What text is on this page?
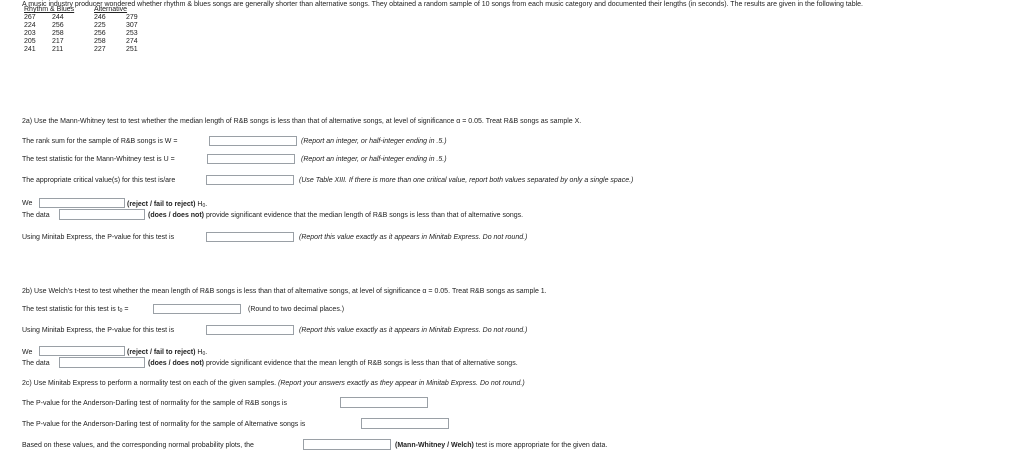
A music industry producer wondered whether rhythm & blues songs are generally shorter than alternative songs. They obtained a random sample of 10 songs from each music category and documented their lengths (in seconds). The results are given in the following table.
Rhythm & Blues		Alternative	
267	244	246	279
224	256	225	307
203	258	256	253
205	217	258	274
241	211	227	251
2a) Use the Mann-Whitney test to test whether the median length of R&B songs is less than that of alternative songs, at level of significance α = 0.05. Treat R&B songs as sample X.
The rank sum for the sample of R&B songs is W =	(Report an integer, or half-integer ending in .5.)
The test statistic for the Mann-Whitney test is U =	(Report an integer, or half-integer ending in .5.)
The appropriate critical value(s) for this test is/are	(Use Table XIII. If there is more than one critical value, report both values separated by only a single space.)
We	(reject / fail to reject) $H_0$.
The data	(does / does not) provide significant evidence that the median length of R&B songs is less than that of alternative songs.
Using Minitab Express, the P-value for this test is	(Report this value exactly as it appears in Minitab Express. Do not round.)
2b) Use Welch's t-test to test whether the mean length of R&B songs is less than that of alternative songs, at level of significance α = 0.05. Treat R&B songs as sample 1.
The test statistic for this test is $t_0$ =	(Round to two decimal places.)
Using Minitab Express, the P-value for this test is	(Report this value exactly as it appears in Minitab Express. Do not round.)
We	(reject / fail to reject) $H_0$.
The data	(does / does not) provide significant evidence that the mean length of R&B songs is less than that of alternative songs.
2c) Use Minitab Express to perform a normality test on each of the given samples. (Report your answers exactly as they appear in Minitab Express. Do not round.)
The P-value for the Anderson-Darling test of normality for the sample of R&B songs is
The P-value for the Anderson-Darling test of normality for the sample of Alternative songs is
Based on these values, and the corresponding normal probability plots, the	(Mann-Whitney / Welch) test is more appropriate for the given data.
